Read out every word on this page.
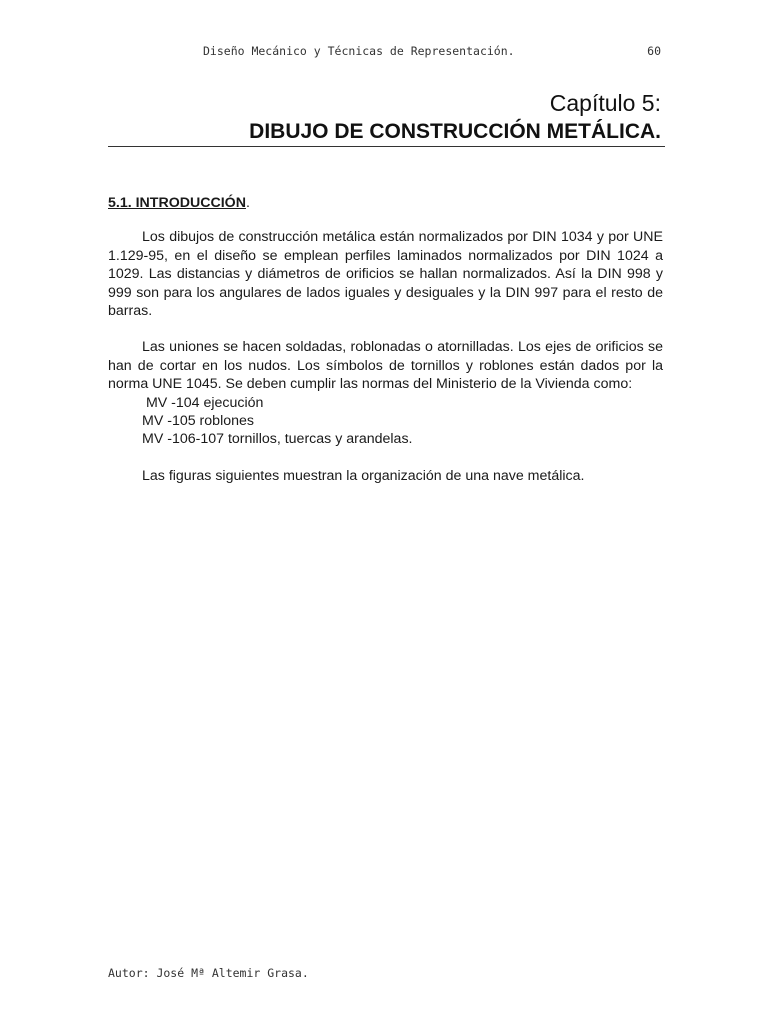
Diseño Mecánico y Técnicas de Representación.	60
Capítulo 5:
DIBUJO DE CONSTRUCCIÓN METÁLICA.

5.1. INTRODUCCIÓN.

Los dibujos de construcción metálica están normalizados por DIN 1034 y por UNE 1.129-95, en el diseño se emplean perfiles laminados normalizados por DIN 1024 a 1029. Las distancias y diámetros de orificios se hallan normalizados. Así la DIN 998 y 999 son para los angulares de lados iguales y desiguales y la DIN 997 para el resto de barras.

Las uniones se hacen soldadas, roblonadas o atornilladas. Los ejes de orificios se han de cortar en los nudos. Los símbolos de tornillos y roblones están dados por la norma UNE 1045. Se deben cumplir las normas del Ministerio de la Vivienda como:

MV -104 ejecución
MV -105 roblones
MV -106-107 tornillos, tuercas y arandelas.

Las figuras siguientes muestran la organización de una nave metálica.

Autor: José Mª Altemir Grasa.
